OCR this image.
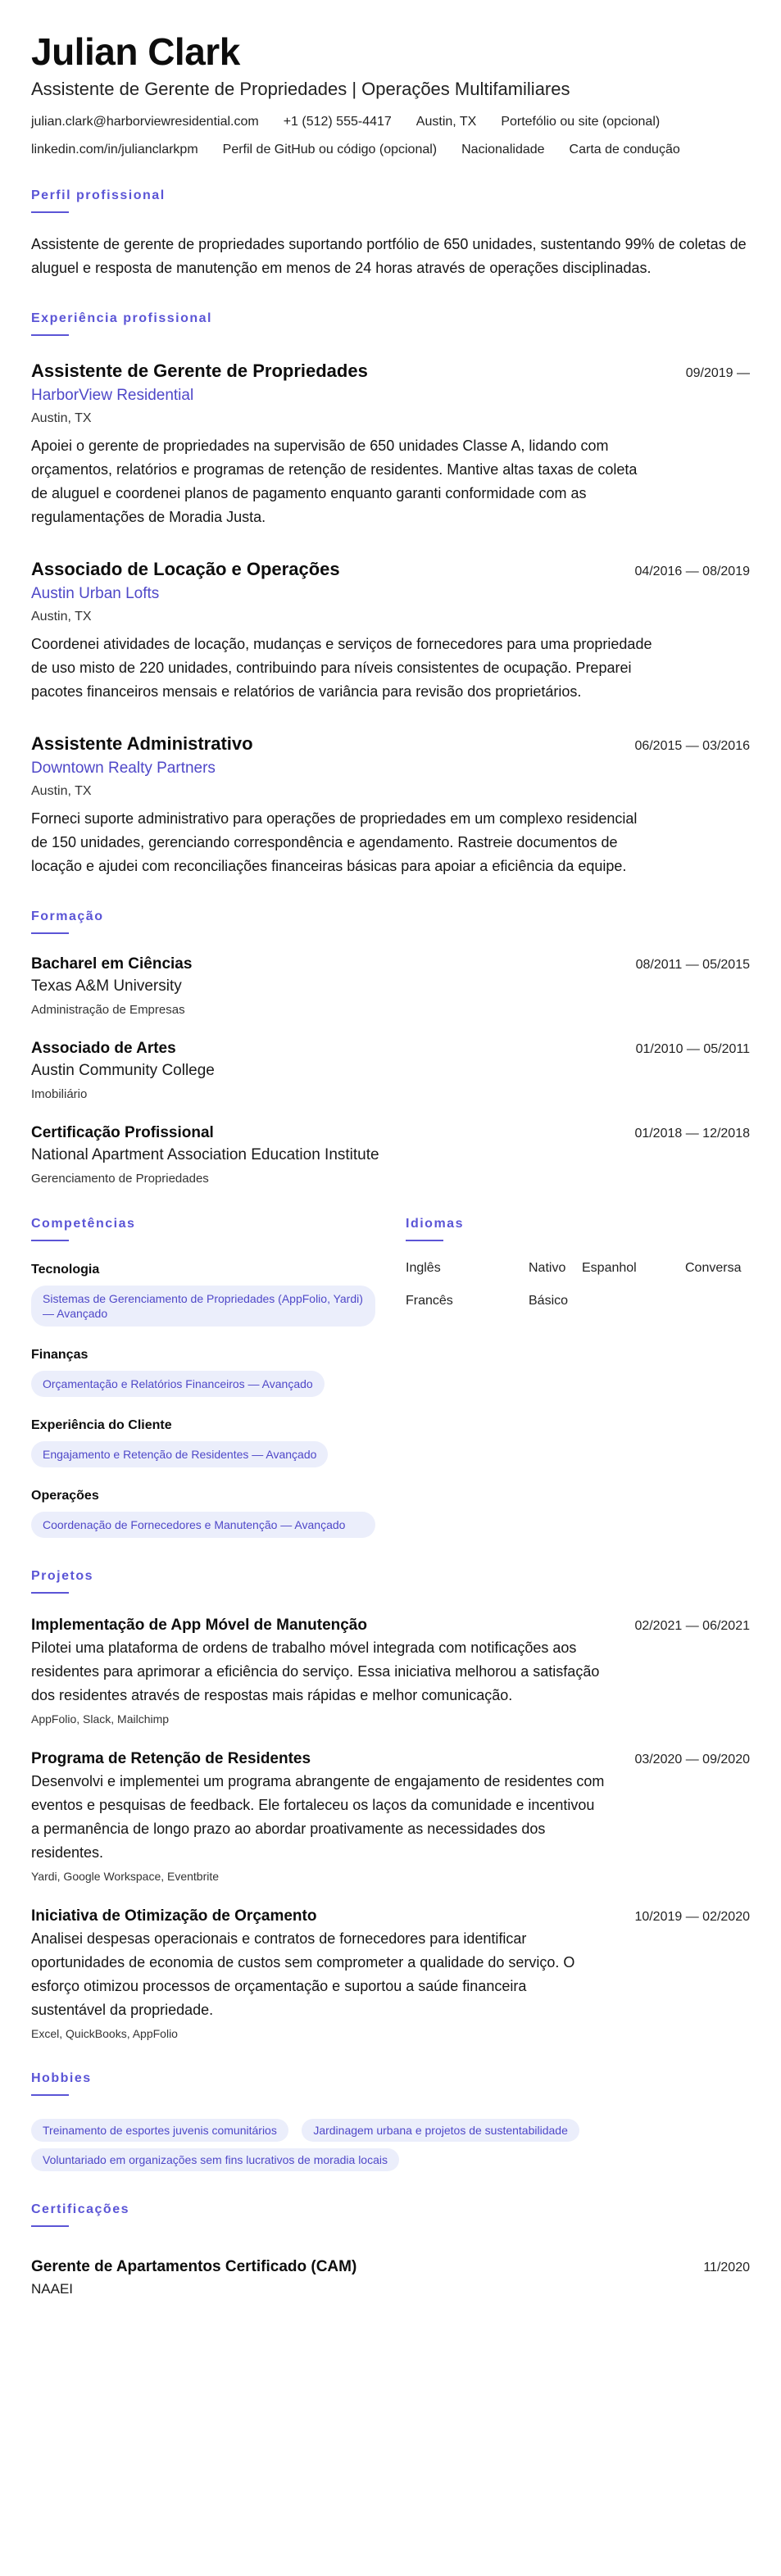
Julian Clark
Assistente de Gerente de Propriedades | Operações Multifamiliares
julian.clark@harborviewresidential.com +1 (512) 555-4417 Austin, TX Portefólio ou site (opcional)
linkedin.com/in/julianclarkpm Perfil de GitHub ou código (opcional) Nacionalidade Carta de condução
Perfil profissional
Assistente de gerente de propriedades suportando portfólio de 650 unidades, sustentando 99% de coletas de aluguel e resposta de manutenção em menos de 24 horas através de operações disciplinadas.
Experiência profissional
Assistente de Gerente de Propriedades	09/2019 —
HarborView Residential
Austin, TX
Apoiei o gerente de propriedades na supervisão de 650 unidades Classe A, lidando com orçamentos, relatórios e programas de retenção de residentes. Mantive altas taxas de coleta de aluguel e coordenei planos de pagamento enquanto garanti conformidade com as regulamentações de Moradia Justa.
Associado de Locação e Operações	04/2016 — 08/2019
Austin Urban Lofts
Austin, TX
Coordenei atividades de locação, mudanças e serviços de fornecedores para uma propriedade de uso misto de 220 unidades, contribuindo para níveis consistentes de ocupação. Preparei pacotes financeiros mensais e relatórios de variância para revisão dos proprietários.
Assistente Administrativo	06/2015 — 03/2016
Downtown Realty Partners
Austin, TX
Forneci suporte administrativo para operações de propriedades em um complexo residencial de 150 unidades, gerenciando correspondência e agendamento. Rastreie documentos de locação e ajudei com reconciliações financeiras básicas para apoiar a eficiência da equipe.
Formação
Bacharel em Ciências	08/2011 — 05/2015
Texas A&M University
Administração de Empresas
Associado de Artes	01/2010 — 05/2011
Austin Community College
Imobiliário
Certificação Profissional	01/2018 — 12/2018
National Apartment Association Education Institute
Gerenciamento de Propriedades
Competências
Tecnologia
Sistemas de Gerenciamento de Propriedades (AppFolio, Yardi) — Avançado
Finanças
Orçamentação e Relatórios Financeiros — Avançado
Experiência do Cliente
Engajamento e Retenção de Residentes — Avançado
Operações
Coordenação de Fornecedores e Manutenção — Avançado
Idiomas
Inglês	Nativo	Espanhol	Conversa
Francês	Básico
Projetos
Implementação de App Móvel de Manutenção	02/2021 — 06/2021
Pilotei uma plataforma de ordens de trabalho móvel integrada com notificações aos residentes para aprimorar a eficiência do serviço. Essa iniciativa melhorou a satisfação dos residentes através de respostas mais rápidas e melhor comunicação.
AppFolio, Slack, Mailchimp
Programa de Retenção de Residentes	03/2020 — 09/2020
Desenvolvi e implementei um programa abrangente de engajamento de residentes com eventos e pesquisas de feedback. Ele fortaleceu os laços da comunidade e incentivou a permanência de longo prazo ao abordar proativamente as necessidades dos residentes.
Yardi, Google Workspace, Eventbrite
Iniciativa de Otimização de Orçamento	10/2019 — 02/2020
Analisei despesas operacionais e contratos de fornecedores para identificar oportunidades de economia de custos sem comprometer a qualidade do serviço. O esforço otimizou processos de orçamentação e suportou a saúde financeira sustentável da propriedade.
Excel, QuickBooks, AppFolio
Hobbies
Treinamento de esportes juvenis comunitários	Jardinagem urbana e projetos de sustentabilidade Voluntariado em organizações sem fins lucrativos de moradia locais
Certificações
Gerente de Apartamentos Certificado (CAM)	11/2020
NAAEI
